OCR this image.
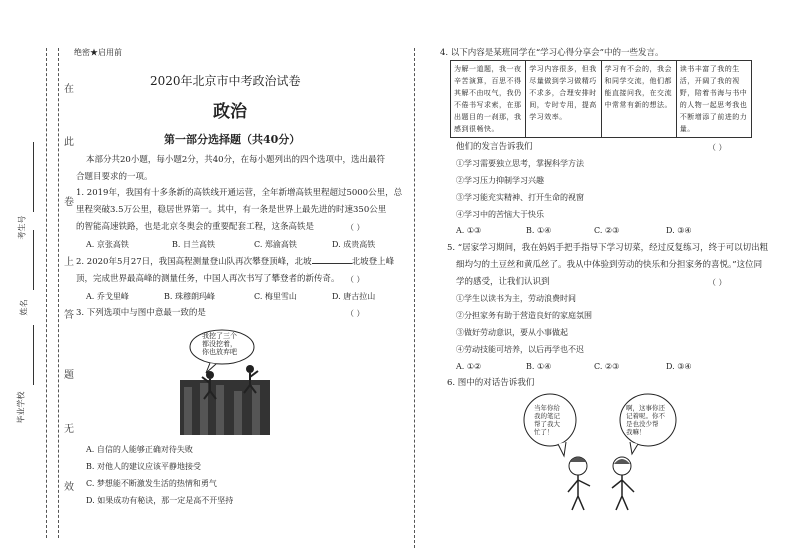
在
此
卷
上
答
题
无
效
考生号
姓名
毕业学校
绝密★启用前
2020年北京市中考政治试卷
政治
第一部分选择题（共40分）
本部分共20小题，每小题2分，共40分，在每小题列出的四个选项中，选出最符
合题目要求的一项。
1. 2019年，我国有十多条新的高铁线开通运营，全年新增高铁里程超过5000公里，总
里程突破3.5万公里，稳居世界第一。其中，有一条是世界上最先进的时速350公里
的智能高速铁路，也是北京冬奥会的重要配套工程，这条高铁是	（ ）
A. 京张高铁	B. 日兰高铁	C. 郑渝高铁	D. 成贵高铁
2. 2020年5月27日，我国高程测量登山队再次攀登顶峰，北坡	北坡登上峰
顶，完成世界最高峰的测量任务，中国人再次书写了攀登者的新传奇。 （ ）
A. 乔戈里峰	B. 珠穆朗玛峰	C. 梅里雪山	D. 唐古拉山
3. 下列选项中与图中意最一致的是	（ ）
我挖了三个
都没挖着，
你也放弃吧
A. 自信的人能够正确对待失败
B. 对他人的建议应该平静地接受
C. 梦想能不断激发生活的热情和勇气
D. 如果成功有秘诀，那一定是高不开坚持
4. 以下内容是某班同学在“学习心得分享会”中的一些发言。
为解一道题，我一夜辛苦演算，百思不得其解不由叹气，我仍不倦书写求索，在那出题目的一刹那，我感到很畅快。	学习内容很多，但我尽量做到学习做精巧不求多，合理安排时间，专时专用，提高学习效率。	学习有不会的，我会和同学交流，他们都能直接问我，在交流中常常有新的想法。	读书丰富了我的生活，开阔了我的视野，陪着书海与书中的人物一起思考我也不断增添了前进的力量。
他们的发言告诉我们	（ ）
①学习需要独立思考，掌握科学方法
②学习压力抑制学习兴趣
③学习能充实精神、打开生命的视窗
④学习中的苦恼大于快乐
A. ①③	B. ①④	C. ②③	D. ③④
5. “居家学习期间，我在妈妈手把手指导下学习切菜，经过反复练习，终于可以切出粗
细均匀的土豆丝和黄瓜丝了。我从中体验到劳动的快乐和分担家务的喜悦。”这位同
学的感受，让我们认识到	（ ）
①学生以读书为主，劳动浪费时间
②分担家务有助于营造良好的家庭氛围
③做好劳动意识，要从小事做起
④劳动技能可培养，以后再学也不迟
A. ①②	B. ①④	C. ②③	D. ③④
6. 图中的对话告诉我们
当年你给
我的笔记
帮了我大
忙了！
啊，这事你还
记着呢。你不
是也没少帮
我嘛！
